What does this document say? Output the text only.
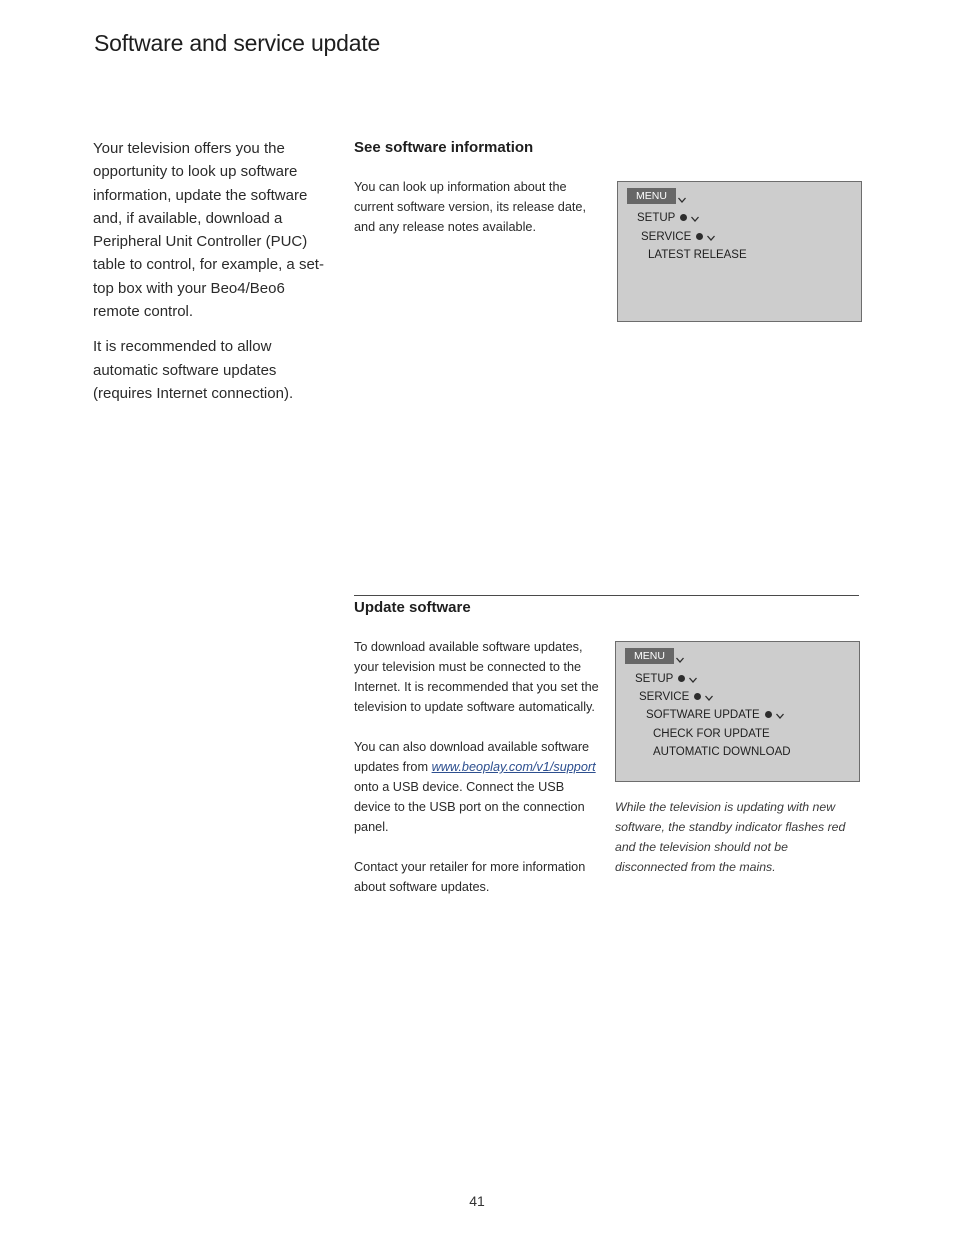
Software and service update

Your television offers you the opportunity to look up software information, update the software and, if available, download a Peripheral Unit Controller (PUC) table to control, for example, a set-top box with your Beo4/Beo6 remote control.

It is recommended to allow automatic software updates (requires Internet connection).

See software information

You can look up information about the current software version, its release date, and any release notes available.

MENU
SETUP
SERVICE
LATEST RELEASE
Update software

To download available software updates, your television must be connected to the Internet. It is recommended that you set the television to update software automatically.

You can also download available software updates from www.beoplay.com/v1/support onto a USB device. Connect the USB device to the USB port on the connection panel.

Contact your retailer for more information about software updates.

MENU
SETUP
SERVICE
SOFTWARE UPDATE
CHECK FOR UPDATE
AUTOMATIC DOWNLOAD
While the television is updating with new software, the standby indicator flashes red and the television should not be disconnected from the mains.
41
